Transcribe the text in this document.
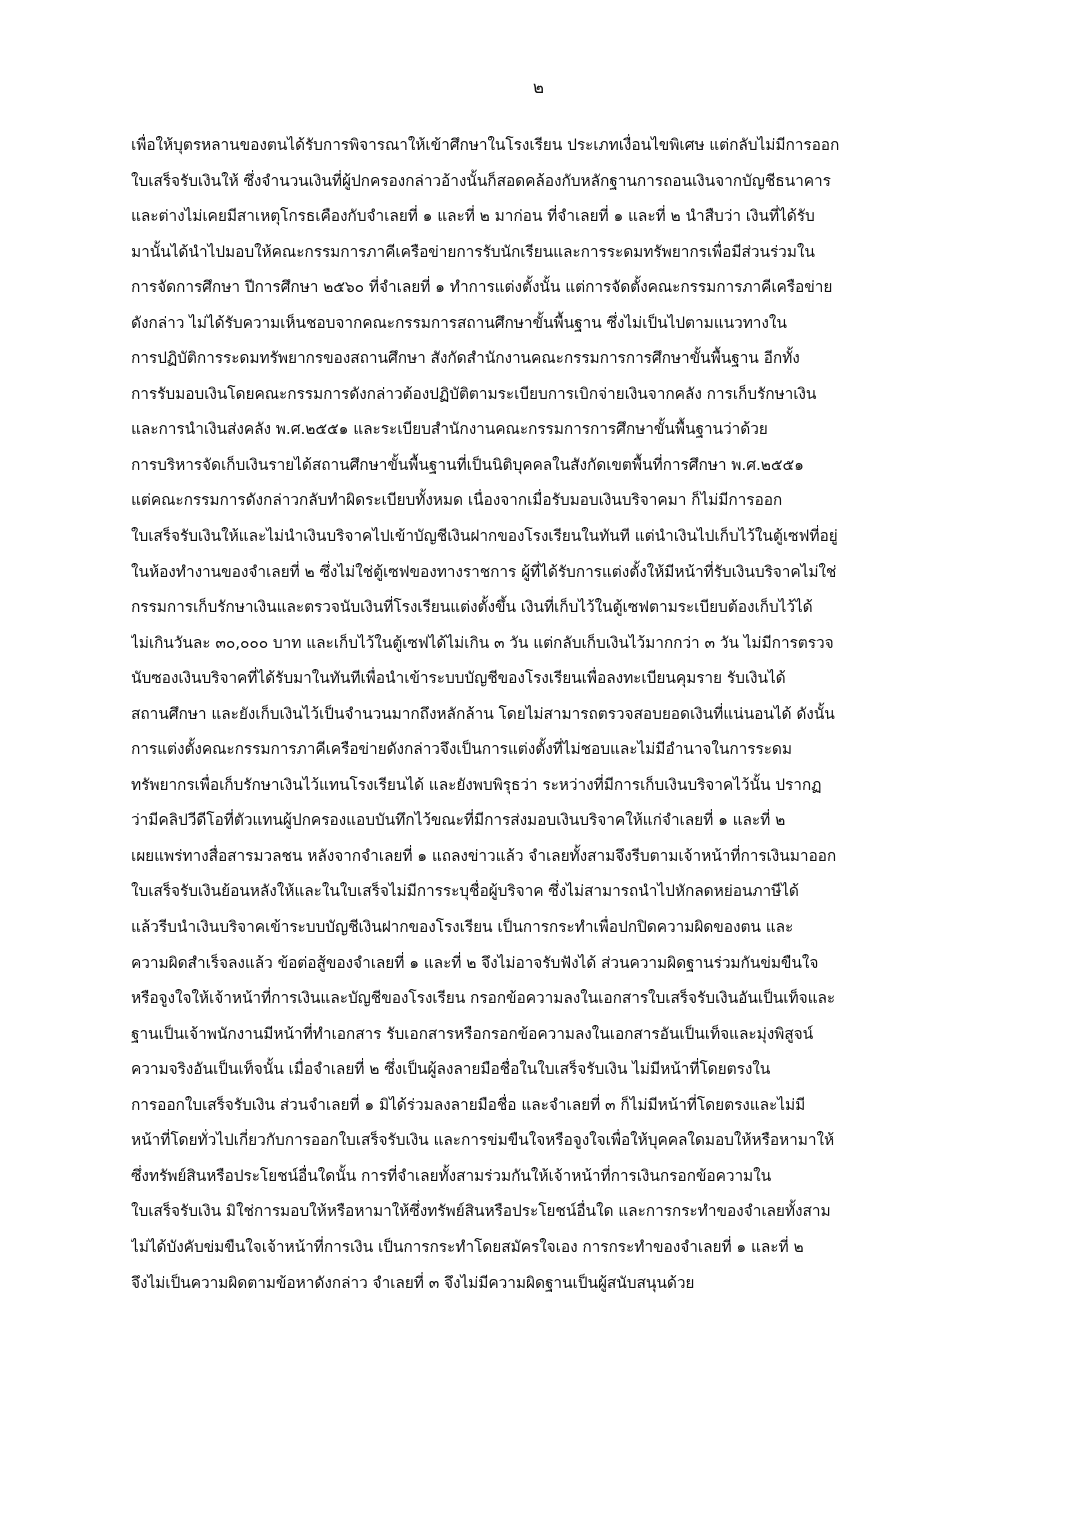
๒
เพื่อให้บุตรหลานของตนได้รับการพิจารณาให้เข้าศึกษาในโรงเรียน ประเภทเงื่อนไขพิเศษ แต่กลับไม่มีการออก
ใบเสร็จรับเงินให้ ซึ่งจำนวนเงินที่ผู้ปกครองกล่าวอ้างนั้นก็สอดคล้องกับหลักฐานการถอนเงินจากบัญชีธนาคาร
และต่างไม่เคยมีสาเหตุโกรธเคืองกับจำเลยที่ ๑ และที่ ๒ มาก่อน ที่จำเลยที่ ๑ และที่ ๒ นำสืบว่า เงินที่ได้รับ
มานั้นได้นำไปมอบให้คณะกรรมการภาคีเครือข่ายการรับนักเรียนและการระดมทรัพยากรเพื่อมีส่วนร่วมใน
การจัดการศึกษา ปีการศึกษา ๒๕๖๐ ที่จำเลยที่ ๑ ทำการแต่งตั้งนั้น แต่การจัดตั้งคณะกรรมการภาคีเครือข่าย
ดังกล่าว ไม่ได้รับความเห็นชอบจากคณะกรรมการสถานศึกษาขั้นพื้นฐาน ซึ่งไม่เป็นไปตามแนวทางใน
การปฏิบัติการระดมทรัพยากรของสถานศึกษา สังกัดสำนักงานคณะกรรมการการศึกษาขั้นพื้นฐาน อีกทั้ง
การรับมอบเงินโดยคณะกรรมการดังกล่าวต้องปฏิบัติตามระเบียบการเบิกจ่ายเงินจากคลัง การเก็บรักษาเงิน
และการนำเงินส่งคลัง พ.ศ.๒๕๕๑ และระเบียบสำนักงานคณะกรรมการการศึกษาขั้นพื้นฐานว่าด้วย
การบริหารจัดเก็บเงินรายได้สถานศึกษาขั้นพื้นฐานที่เป็นนิติบุคคลในสังกัดเขตพื้นที่การศึกษา พ.ศ.๒๕๕๑
แต่คณะกรรมการดังกล่าวกลับทำผิดระเบียบทั้งหมด เนื่องจากเมื่อรับมอบเงินบริจาคมา ก็ไม่มีการออก
ใบเสร็จรับเงินให้และไม่นำเงินบริจาคไปเข้าบัญชีเงินฝากของโรงเรียนในทันที แต่นำเงินไปเก็บไว้ในตู้เซฟที่อยู่
ในห้องทำงานของจำเลยที่ ๒ ซึ่งไม่ใช่ตู้เซฟของทางราชการ ผู้ที่ได้รับการแต่งตั้งให้มีหน้าที่รับเงินบริจาคไม่ใช่
กรรมการเก็บรักษาเงินและตรวจนับเงินที่โรงเรียนแต่งตั้งขึ้น เงินที่เก็บไว้ในตู้เซฟตามระเบียบต้องเก็บไว้ได้
ไม่เกินวันละ ๓๐,๐๐๐ บาท และเก็บไว้ในตู้เซฟได้ไม่เกิน ๓ วัน แต่กลับเก็บเงินไว้มากกว่า ๓ วัน ไม่มีการตรวจ
นับซองเงินบริจาคที่ได้รับมาในทันทีเพื่อนำเข้าระบบบัญชีของโรงเรียนเพื่อลงทะเบียนคุมราย รับเงินได้
สถานศึกษา และยังเก็บเงินไว้เป็นจำนวนมากถึงหลักล้าน โดยไม่สามารถตรวจสอบยอดเงินที่แน่นอนได้ ดังนั้น
การแต่งตั้งคณะกรรมการภาคีเครือข่ายดังกล่าวจึงเป็นการแต่งตั้งที่ไม่ชอบและไม่มีอำนาจในการระดม
ทรัพยากรเพื่อเก็บรักษาเงินไว้แทนโรงเรียนได้ และยังพบพิรุธว่า ระหว่างที่มีการเก็บเงินบริจาคไว้นั้น ปรากฏ
ว่ามีคลิปวีดีโอที่ตัวแทนผู้ปกครองแอบบันทึกไว้ขณะที่มีการส่งมอบเงินบริจาคให้แก่จำเลยที่ ๑ และที่ ๒
เผยแพร่ทางสื่อสารมวลชน หลังจากจำเลยที่ ๑ แถลงข่าวแล้ว จำเลยทั้งสามจึงรีบตามเจ้าหน้าที่การเงินมาออก
ใบเสร็จรับเงินย้อนหลังให้และในใบเสร็จไม่มีการระบุชื่อผู้บริจาค ซึ่งไม่สามารถนำไปหักลดหย่อนภาษีได้
แล้วรีบนำเงินบริจาคเข้าระบบบัญชีเงินฝากของโรงเรียน เป็นการกระทำเพื่อปกปิดความผิดของตน และ
ความผิดสำเร็จลงแล้ว ข้อต่อสู้ของจำเลยที่ ๑ และที่ ๒ จึงไม่อาจรับฟังได้ ส่วนความผิดฐานร่วมกันข่มขืนใจ
หรือจูงใจให้เจ้าหน้าที่การเงินและบัญชีของโรงเรียน กรอกข้อความลงในเอกสารใบเสร็จรับเงินอันเป็นเท็จและ
ฐานเป็นเจ้าพนักงานมีหน้าที่ทำเอกสาร รับเอกสารหรือกรอกข้อความลงในเอกสารอันเป็นเท็จและมุ่งพิสูจน์
ความจริงอันเป็นเท็จนั้น เมื่อจำเลยที่ ๒ ซึ่งเป็นผู้ลงลายมือชื่อในใบเสร็จรับเงิน ไม่มีหน้าที่โดยตรงใน
การออกใบเสร็จรับเงิน ส่วนจำเลยที่ ๑ มิได้ร่วมลงลายมือชื่อ และจำเลยที่ ๓ ก็ไม่มีหน้าที่โดยตรงและไม่มี
หน้าที่โดยทั่วไปเกี่ยวกับการออกใบเสร็จรับเงิน และการข่มขืนใจหรือจูงใจเพื่อให้บุคคลใดมอบให้หรือหามาให้
ซึ่งทรัพย์สินหรือประโยชน์อื่นใดนั้น การที่จำเลยทั้งสามร่วมกันให้เจ้าหน้าที่การเงินกรอกข้อความใน
ใบเสร็จรับเงิน มิใช่การมอบให้หรือหามาให้ซึ่งทรัพย์สินหรือประโยชน์อื่นใด และการกระทำของจำเลยทั้งสาม
ไม่ได้บังคับข่มขืนใจเจ้าหน้าที่การเงิน เป็นการกระทำโดยสมัครใจเอง การกระทำของจำเลยที่ ๑ และที่ ๒
จึงไม่เป็นความผิดตามข้อหาดังกล่าว จำเลยที่ ๓ จึงไม่มีความผิดฐานเป็นผู้สนับสนุนด้วย
